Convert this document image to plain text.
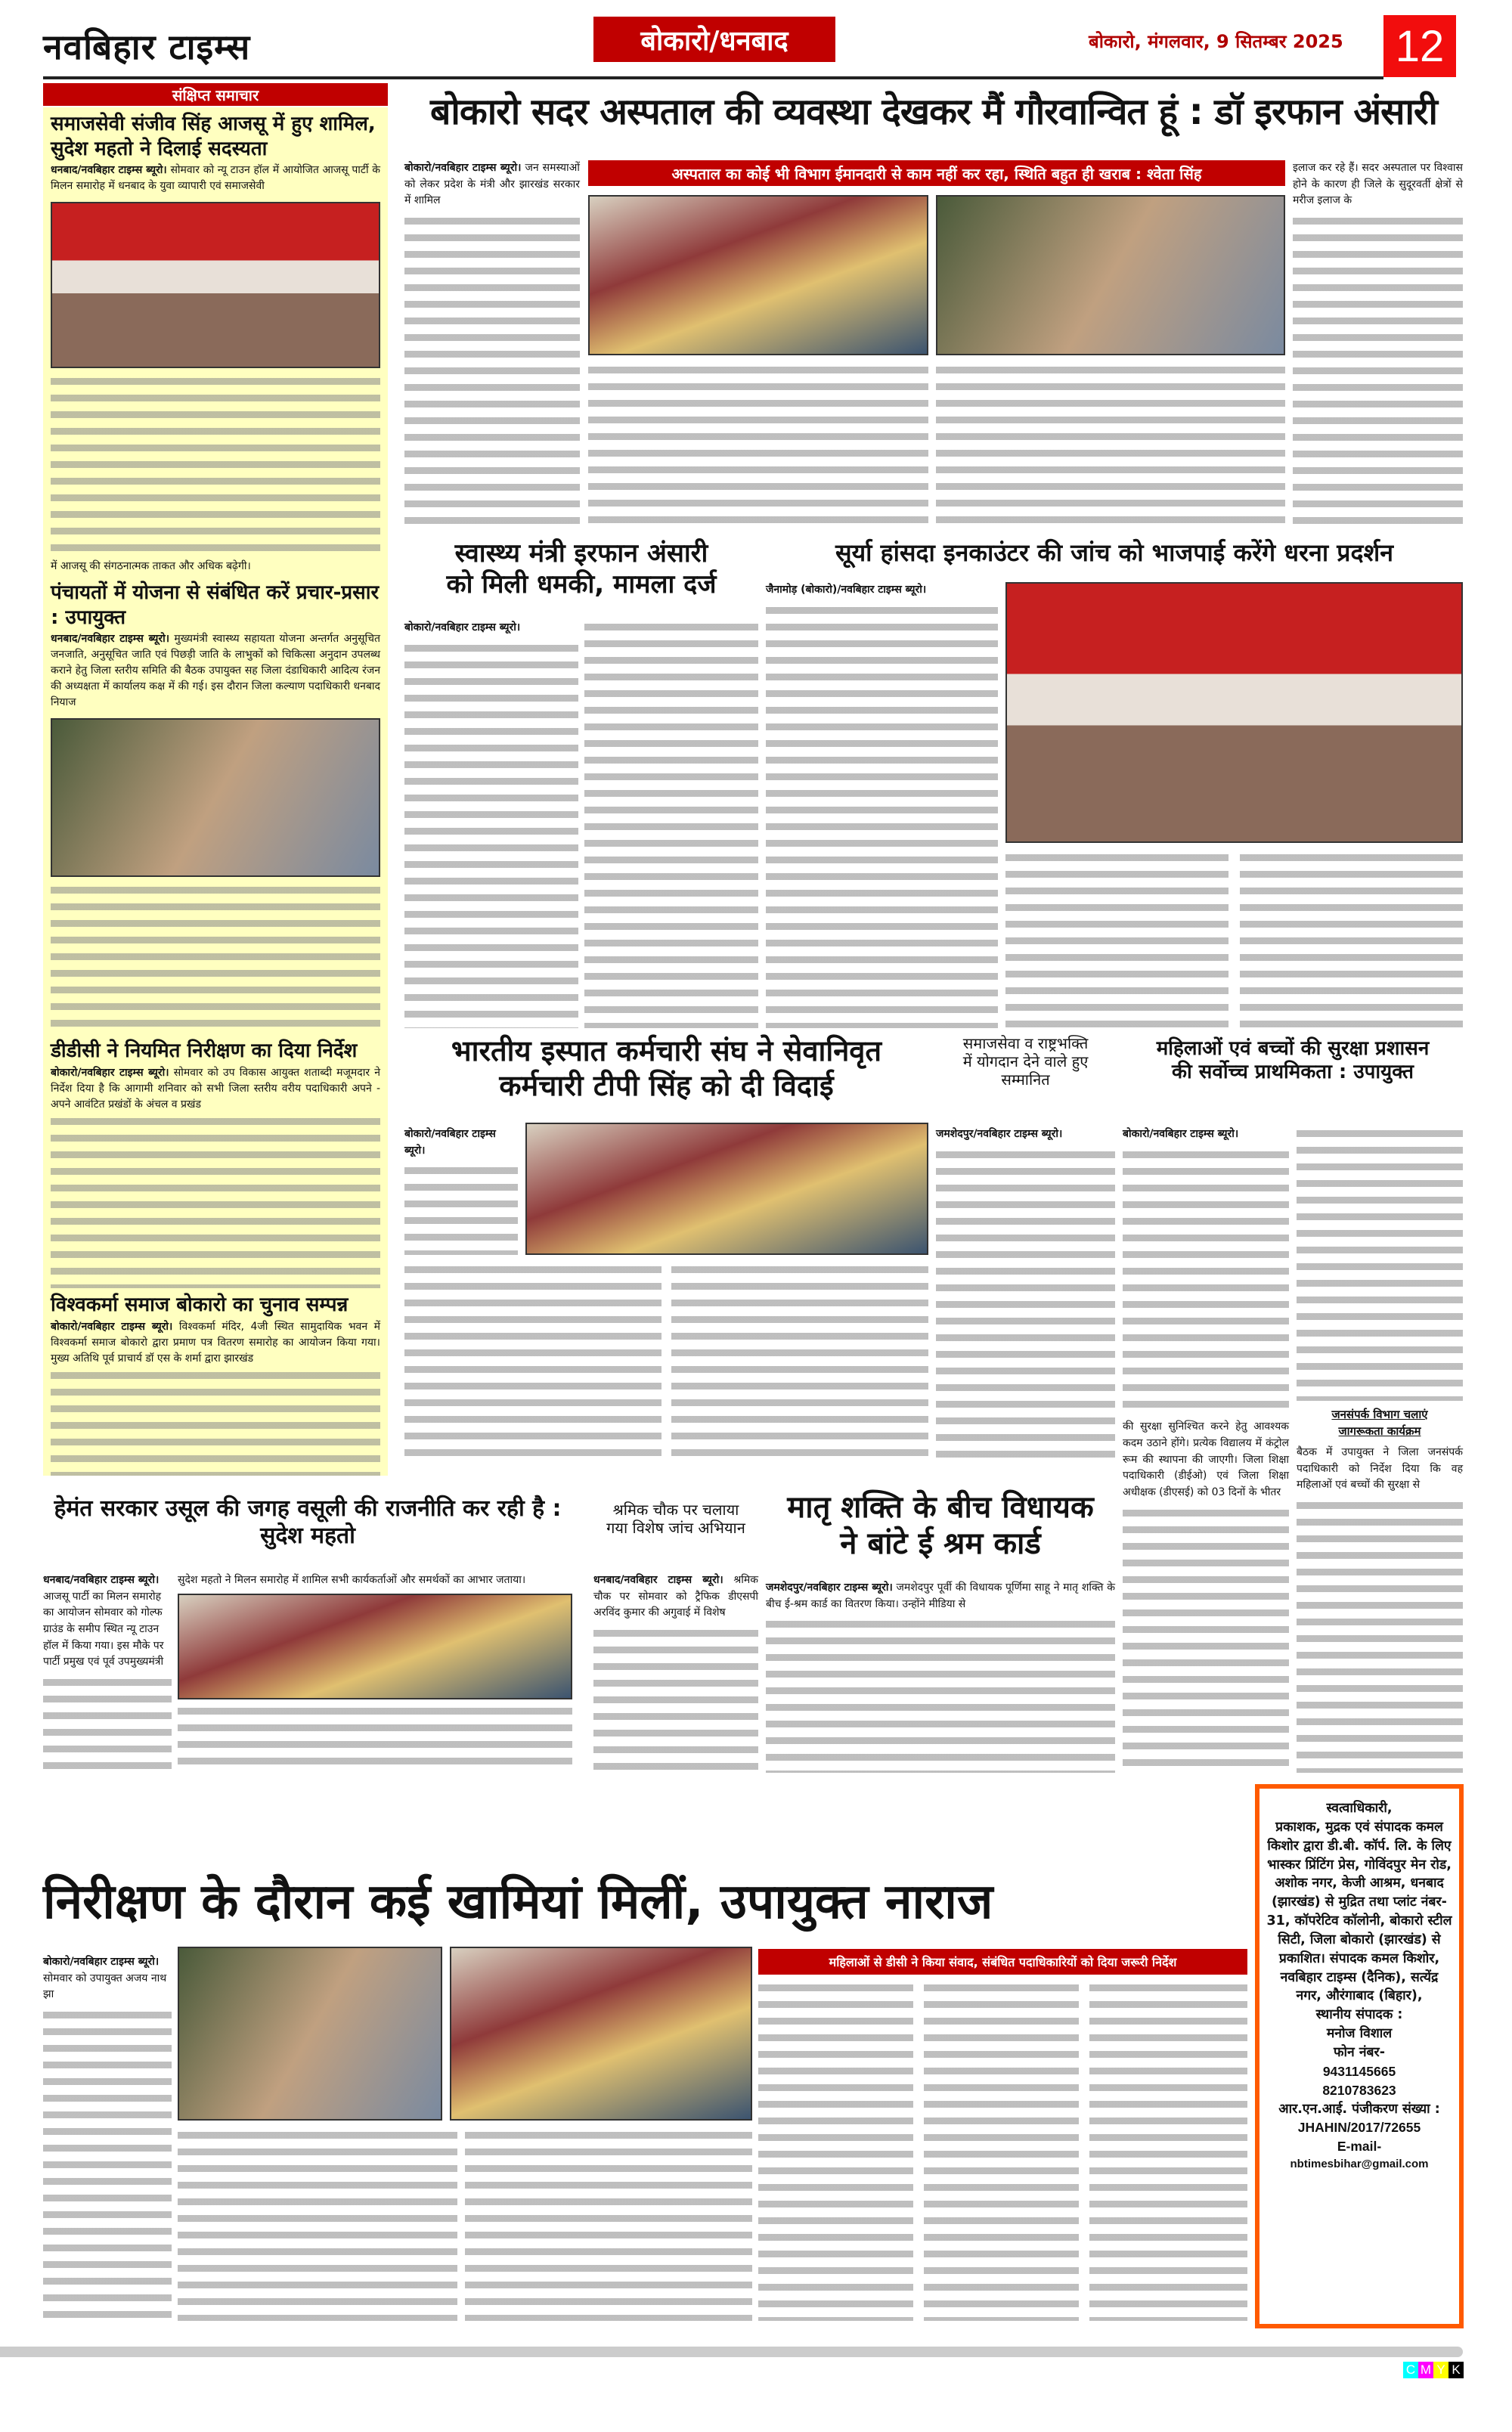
नवबिहार टाइम्स	बोकारो/धनबाद	बोकारो, मंगलवार, 9 सितम्बर 2025	12
संक्षिप्त समाचार
समाजसेवी संजीव सिंह आजसू में हुए शामिल, सुदेश महतो ने दिलाई सदस्यता
धनबाद/नवबिहार टाइम्स ब्यूरो। सोमवार को न्यू टाउन हॉल में आयोजित आजसू पार्टी के मिलन समारोह में धनबाद के युवा व्यापारी एवं समाजसेवी
में आजसू की संगठनात्मक ताकत और अधिक बढ़ेगी।
पंचायतों में योजना से संबंधित करें प्रचार-प्रसार : उपायुक्त
धनबाद/नवबिहार टाइम्स ब्यूरो। मुख्यमंत्री स्वास्थ्य सहायता योजना अन्तर्गत अनुसूचित जनजाति, अनुसूचित जाति एवं पिछड़ी जाति के लाभुकों को चिकित्सा अनुदान उपलब्ध कराने हेतु जिला स्तरीय समिति की बैठक उपायुक्त सह जिला दंडाधिकारी आदित्य रंजन की अध्यक्षता में कार्यालय कक्ष में की गई। इस दौरान जिला कल्याण पदाधिकारी धनबाद नियाज
डीडीसी ने नियमित निरीक्षण का दिया निर्देश
बोकारो/नवबिहार टाइम्स ब्यूरो। सोमवार को उप विकास आयुक्त शताब्दी मजूमदार ने निर्देश दिया है कि आगामी शनिवार को सभी जिला स्तरीय वरीय पदाधिकारी अपने - अपने आवंटित प्रखंडों के अंचल व प्रखंड
विश्वकर्मा समाज बोकारो का चुनाव सम्पन्न
बोकारो/नवबिहार टाइम्स ब्यूरो। विश्वकर्मा मंदिर, 4जी स्थित सामुदायिक भवन में विश्वकर्मा समाज बोकारो द्वारा प्रमाण पत्र वितरण समारोह का आयोजन किया गया। मुख्य अतिथि पूर्व प्राचार्य डॉ एस के शर्मा द्वारा झारखंड
बोकारो सदर अस्पताल की व्यवस्था देखकर मैं गौरवान्वित हूं : डॉ इरफान अंसारी
बोकारो/नवबिहार टाइम्स ब्यूरो। जन समस्याओं को लेकर प्रदेश के मंत्री और झारखंड सरकार में शामिल
अस्पताल का कोई भी विभाग ईमानदारी से काम नहीं कर रहा, स्थिति बहुत ही खराब : श्वेता सिंह	इलाज कर रहे हैं। सदर अस्पताल पर विश्वास होने के कारण ही जिले के सुदूरवर्ती क्षेत्रों से मरीज इलाज के
स्वास्थ्य मंत्री इरफान अंसारी
को मिली धमकी, मामला दर्ज
बोकारो/नवबिहार टाइम्स ब्यूरो।
सूर्या हांसदा इनकाउंटर की जांच को भाजपाई करेंगे धरना प्रदर्शन
जैनामोड़ (बोकारो)/नवबिहार टाइम्स ब्यूरो।
भारतीय इस्पात कर्मचारी संघ ने सेवानिवृत
कर्मचारी टीपी सिंह को दी विदाई
बोकारो/नवबिहार टाइम्स ब्यूरो।
समाजसेवा व राष्ट्रभक्ति
में योगदान देने वाले हुए
सम्मानित
जमशेदपुर/नवबिहार टाइम्स ब्यूरो।
महिलाओं एवं बच्चों की सुरक्षा प्रशासन
की सर्वोच्च प्राथमिकता : उपायुक्त
बोकारो/नवबिहार टाइम्स ब्यूरो।
की सुरक्षा सुनिश्चित करने हेतु आवश्यक कदम उठाने होंगे। प्रत्येक विद्यालय में कंट्रोल रूम की स्थापना की जाएगी। जिला शिक्षा पदाधिकारी (डीईओ) एवं जिला शिक्षा अधीक्षक (डीएसई) को 03 दिनों के भीतर
जनसंपर्क विभाग चलाएं
जागरूकता कार्यक्रम
बैठक में उपायुक्त ने जिला जनसंपर्क पदाधिकारी को निर्देश दिया कि वह महिलाओं एवं बच्चों की सुरक्षा से
हेमंत सरकार उसूल की जगह वसूली की राजनीति कर रही है : सुदेश महतो
धनबाद/नवबिहार टाइम्स ब्यूरो। आजसू पार्टी का मिलन समारोह का आयोजन सोमवार को गोल्फ ग्राउंड के समीप स्थित न्यू टाउन हॉल में किया गया। इस मौके पर पार्टी प्रमुख एवं पूर्व उपमुख्यमंत्री
सुदेश महतो ने मिलन समारोह में शामिल सभी कार्यकर्ताओं और समर्थकों का आभार जताया।
श्रमिक चौक पर चलाया
गया विशेष जांच अभियान
धनबाद/नवबिहार टाइम्स ब्यूरो। श्रमिक चौक पर सोमवार को ट्रैफिक डीएसपी अरविंद कुमार की अगुवाई में विशेष
मातृ शक्ति के बीच विधायक
ने बांटे ई श्रम कार्ड
जमशेदपुर/नवबिहार टाइम्स ब्यूरो। जमशेदपुर पूर्वी की विधायक पूर्णिमा साहू ने मातृ शक्ति के बीच ई-श्रम कार्ड का वितरण किया। उन्होंने मीडिया से
निरीक्षण के दौरान कई खामियां मिलीं, उपायुक्त नाराज
बोकारो/नवबिहार टाइम्स ब्यूरो। सोमवार को उपायुक्त अजय नाथ झा
महिलाओं से डीसी ने किया संवाद, संबंधित पदाधिकारियों को दिया जरूरी निर्देश
स्वत्वाधिकारी,
प्रकाशक, मुद्रक एवं संपादक कमल किशोर द्वारा डी.बी. कॉर्प. लि. के लिए भास्कर प्रिंटिंग प्रेस, गोविंदपुर मेन रोड, अशोक नगर, केजी आश्रम, धनबाद (झारखंड) से मुद्रित तथा प्लांट नंबर- 31, कॉपरेटिव कॉलोनी, बोकारो स्टील सिटी, जिला बोकारो (झारखंड) से प्रकाशित। संपादक कमल किशोर, नवबिहार टाइम्स (दैनिक), सत्येंद्र नगर, औरंगाबाद (बिहार),
स्थानीय संपादक :
मनोज विशाल
फोन नंबर-
9431145665
8210783623
आर.एन.आई. पंजीकरण संख्या :
JHAHIN/2017/72655
E-mail-
nbtimesbihar@gmail.com
C M Y K
